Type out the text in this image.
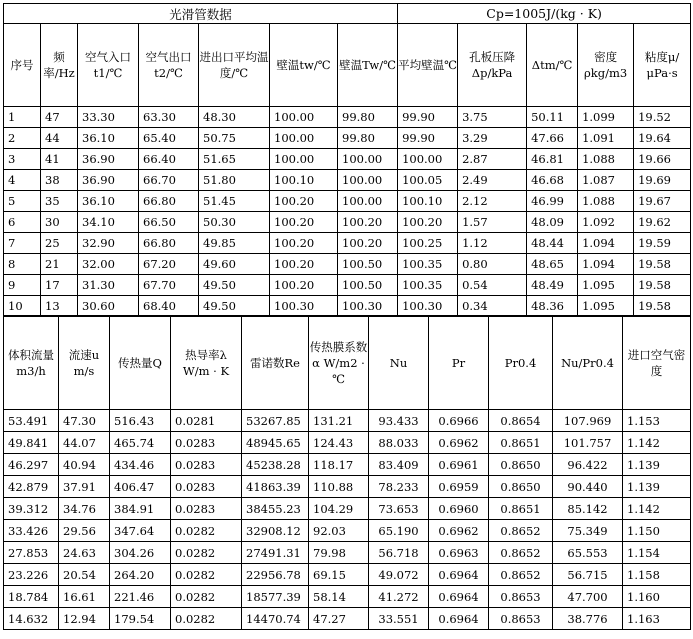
光滑管数据							Cp=1005J/(kg · K)				
序号	频率/Hz	空气入口t1/℃	空气出口t2/℃	进出口平均温度/℃	壁温tw/℃	壁温Tw/℃	平均壁温℃	孔板压降Δp/kPa	Δtm/℃	密度ρkg/m3	粘度μ/μPa·s
1	47	33.30	63.30	48.30	100.00	99.80	99.90	3.75	50.11	1.099	19.52
2	44	36.10	65.40	50.75	100.00	99.80	99.90	3.29	47.66	1.091	19.64
3	41	36.90	66.40	51.65	100.00	100.00	100.00	2.87	46.81	1.088	19.66
4	38	36.90	66.70	51.80	100.10	100.00	100.05	2.49	46.68	1.087	19.69
5	35	36.10	66.80	51.45	100.20	100.00	100.10	2.12	46.99	1.088	19.67
6	30	34.10	66.50	50.30	100.20	100.20	100.20	1.57	48.09	1.092	19.62
7	25	32.90	66.80	49.85	100.20	100.20	100.25	1.12	48.44	1.094	19.59
8	21	32.00	67.20	49.60	100.20	100.50	100.35	0.80	48.65	1.094	19.58
9	17	31.30	67.70	49.50	100.20	100.50	100.35	0.54	48.49	1.095	19.58
10	13	30.60	68.40	49.50	100.30	100.30	100.30	0.34	48.36	1.095	19.58
体积流量m3/h	流速u m/s	传热量Q	热导率λ W/m · K	雷诺数Re	传热膜系数α W/m2 · ℃	Nu	Pr	Pr0.4	Nu/Pr0.4	进口空气密度
53.491	47.30	516.43	0.0281	53267.85	131.21	93.433	0.6966	0.8654	107.969	1.153
49.841	44.07	465.74	0.0283	48945.65	124.43	88.033	0.6962	0.8651	101.757	1.142
46.297	40.94	434.46	0.0283	45238.28	118.17	83.409	0.6961	0.8650	96.422	1.139
42.879	37.91	406.47	0.0283	41863.39	110.88	78.233	0.6959	0.8650	90.440	1.139
39.312	34.76	384.91	0.0283	38455.23	104.29	73.653	0.6960	0.8651	85.142	1.142
33.426	29.56	347.64	0.0282	32908.12	92.03	65.190	0.6962	0.8652	75.349	1.150
27.853	24.63	304.26	0.0282	27491.31	79.98	56.718	0.6963	0.8652	65.553	1.154
23.226	20.54	264.20	0.0282	22956.78	69.15	49.072	0.6964	0.8652	56.715	1.158
18.784	16.61	221.46	0.0282	18577.39	58.14	41.272	0.6964	0.8653	47.700	1.160
14.632	12.94	179.54	0.0282	14470.74	47.27	33.551	0.6964	0.8653	38.776	1.163
